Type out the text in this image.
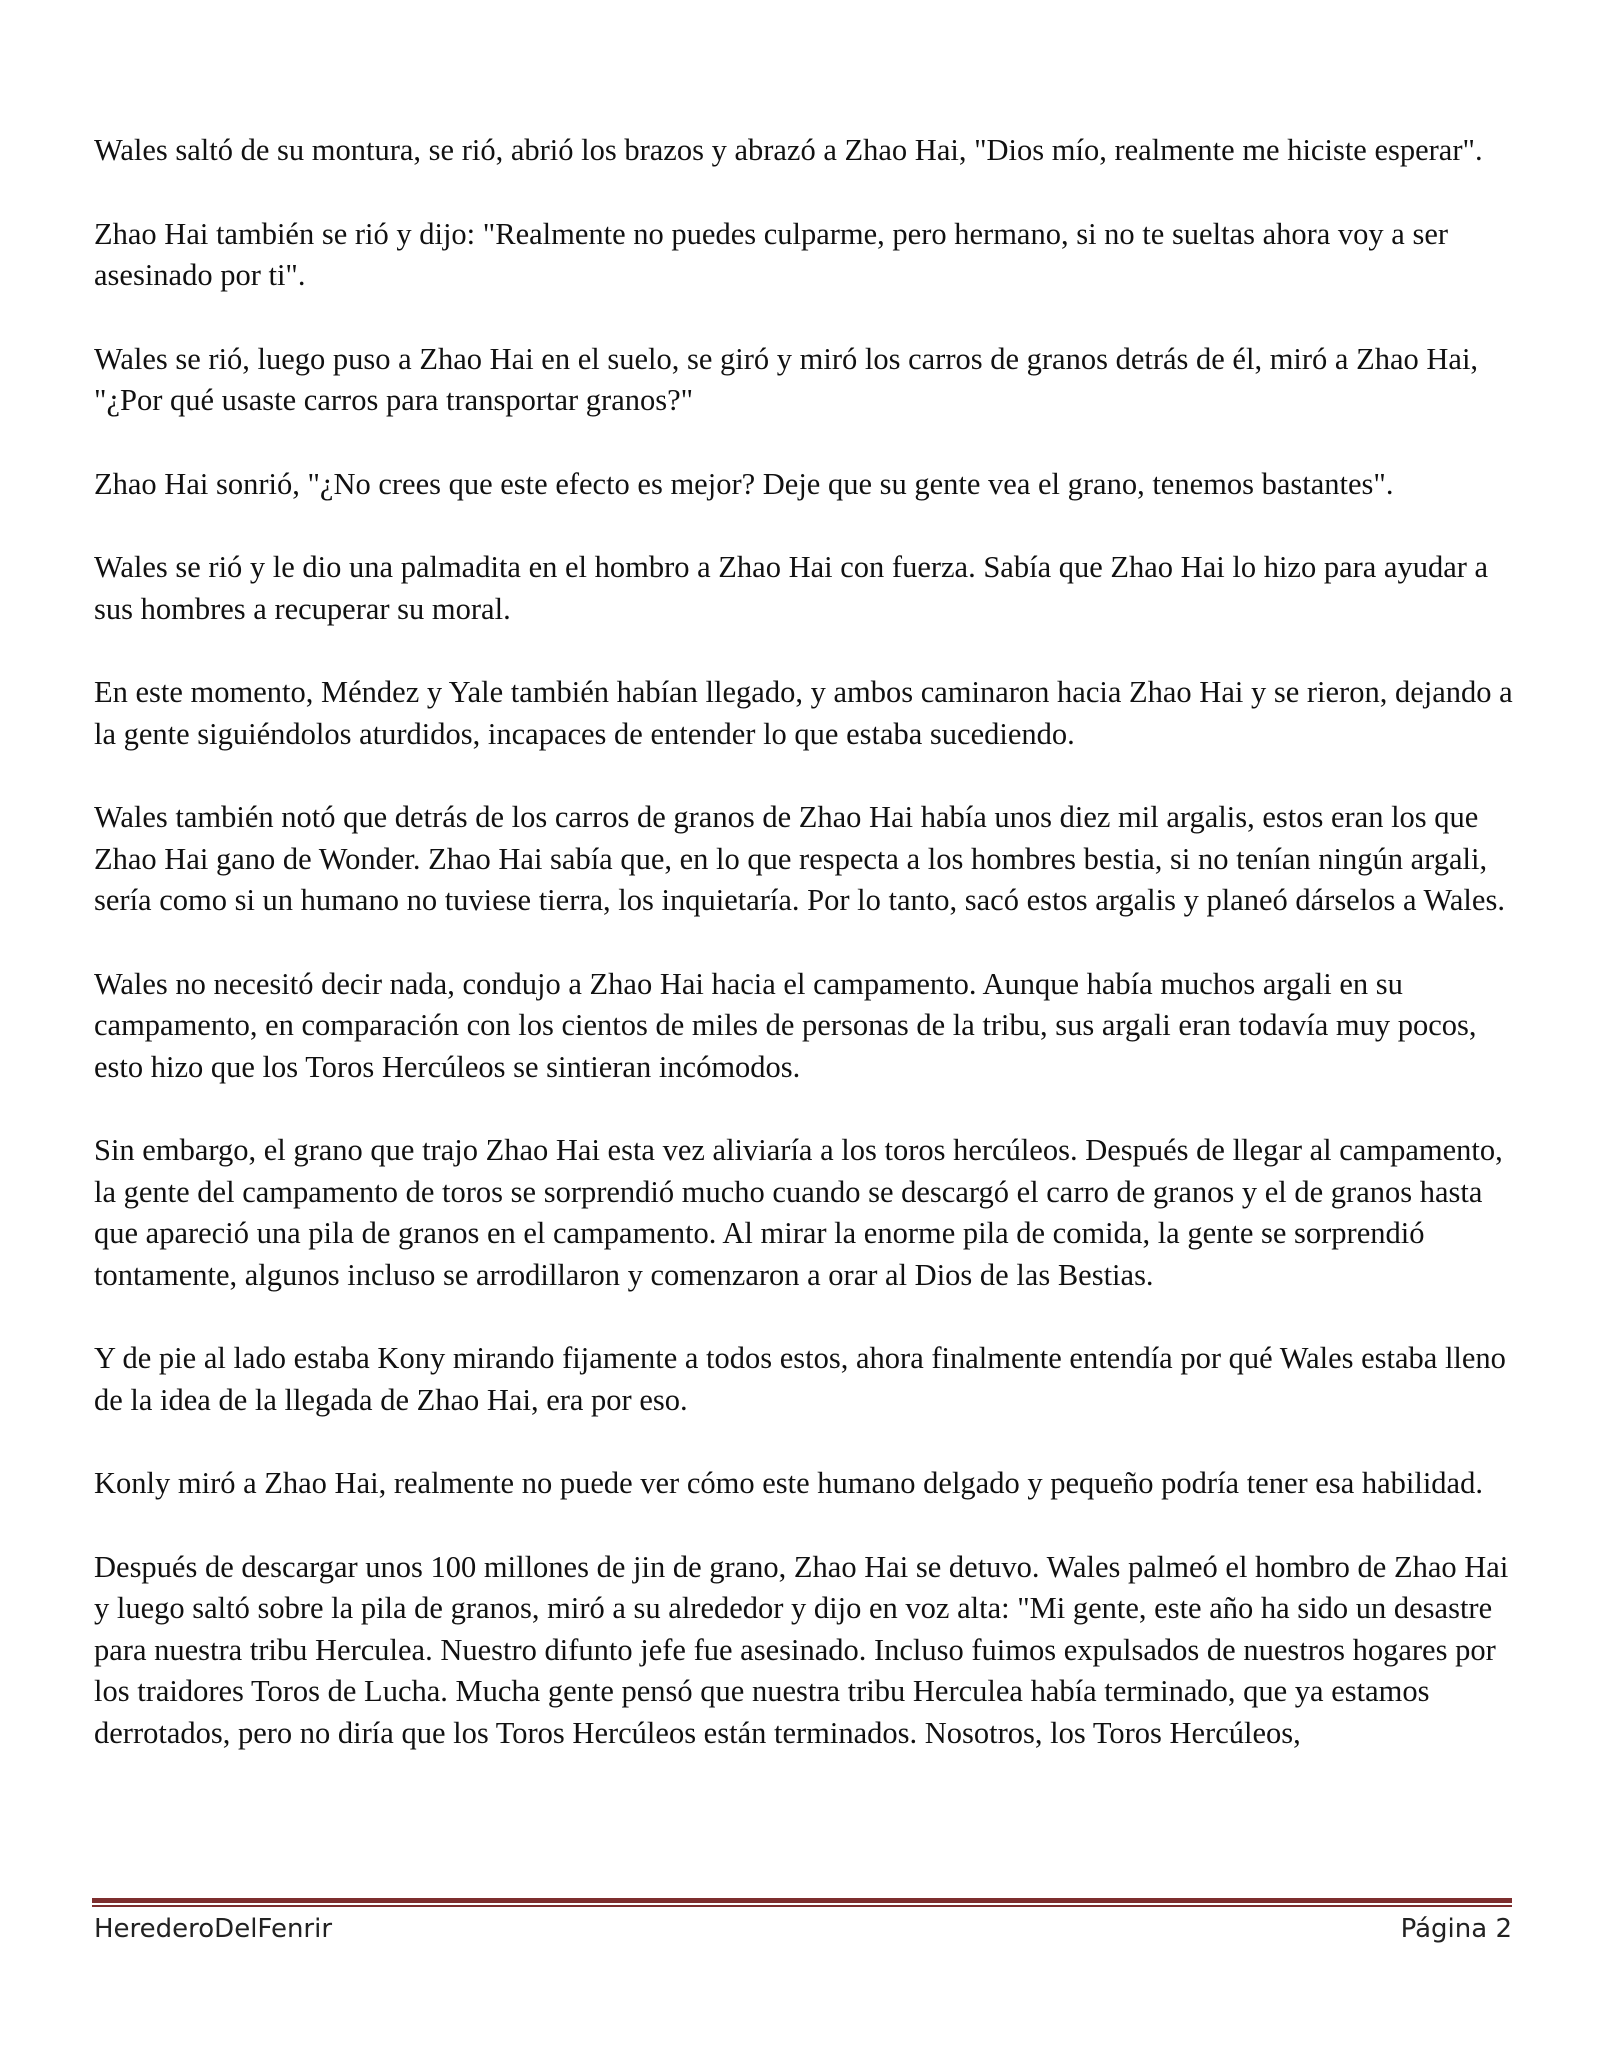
Wales saltó de su montura, se rió, abrió los brazos y abrazó a Zhao Hai, "Dios mío, realmente me hiciste esperar".

Zhao Hai también se rió y dijo: "Realmente no puedes culparme, pero hermano, si no te sueltas ahora voy a ser asesinado por ti".

Wales se rió, luego puso a Zhao Hai en el suelo, se giró y miró los carros de granos detrás de él, miró a Zhao Hai, "¿Por qué usaste carros para transportar granos?"

Zhao Hai sonrió, "¿No crees que este efecto es mejor? Deje que su gente vea el grano, tenemos bastantes".

Wales se rió y le dio una palmadita en el hombro a Zhao Hai con fuerza. Sabía que Zhao Hai lo hizo para ayudar a sus hombres a recuperar su moral.

En este momento, Méndez y Yale también habían llegado, y ambos caminaron hacia Zhao Hai y se rieron, dejando a la gente siguiéndolos aturdidos, incapaces de entender lo que estaba sucediendo.

Wales también notó que detrás de los carros de granos de Zhao Hai había unos diez mil argalis, estos eran los que Zhao Hai gano de Wonder. Zhao Hai sabía que, en lo que respecta a los hombres bestia, si no tenían ningún argali, sería como si un humano no tuviese tierra, los inquietaría. Por lo tanto, sacó estos argalis y planeó dárselos a Wales.

Wales no necesitó decir nada, condujo a Zhao Hai hacia el campamento. Aunque había muchos argali en su campamento, en comparación con los cientos de miles de personas de la tribu, sus argali eran todavía muy pocos, esto hizo que los Toros Hercúleos se sintieran incómodos.

Sin embargo, el grano que trajo Zhao Hai esta vez aliviaría a los toros hercúleos. Después de llegar al campamento, la gente del campamento de toros se sorprendió mucho cuando se descargó el carro de granos y el de granos hasta que apareció una pila de granos en el campamento. Al mirar la enorme pila de comida, la gente se sorprendió tontamente, algunos incluso se arrodillaron y comenzaron a orar al Dios de las Bestias.

Y de pie al lado estaba Kony mirando fijamente a todos estos, ahora finalmente entendía por qué Wales estaba lleno de la idea de la llegada de Zhao Hai, era por eso.

Konly miró a Zhao Hai, realmente no puede ver cómo este humano delgado y pequeño podría tener esa habilidad.

Después de descargar unos 100 millones de jin de grano, Zhao Hai se detuvo. Wales palmeó el hombro de Zhao Hai y luego saltó sobre la pila de granos, miró a su alrededor y dijo en voz alta: "Mi gente, este año ha sido un desastre para nuestra tribu Herculea. Nuestro difunto jefe fue asesinado. Incluso fuimos expulsados de nuestros hogares por los traidores Toros de Lucha. Mucha gente pensó que nuestra tribu Herculea había terminado, que ya estamos derrotados, pero no diría que los Toros Hercúleos están terminados. Nosotros, los Toros Hercúleos,

HerederoDelFenrir	Página 2
